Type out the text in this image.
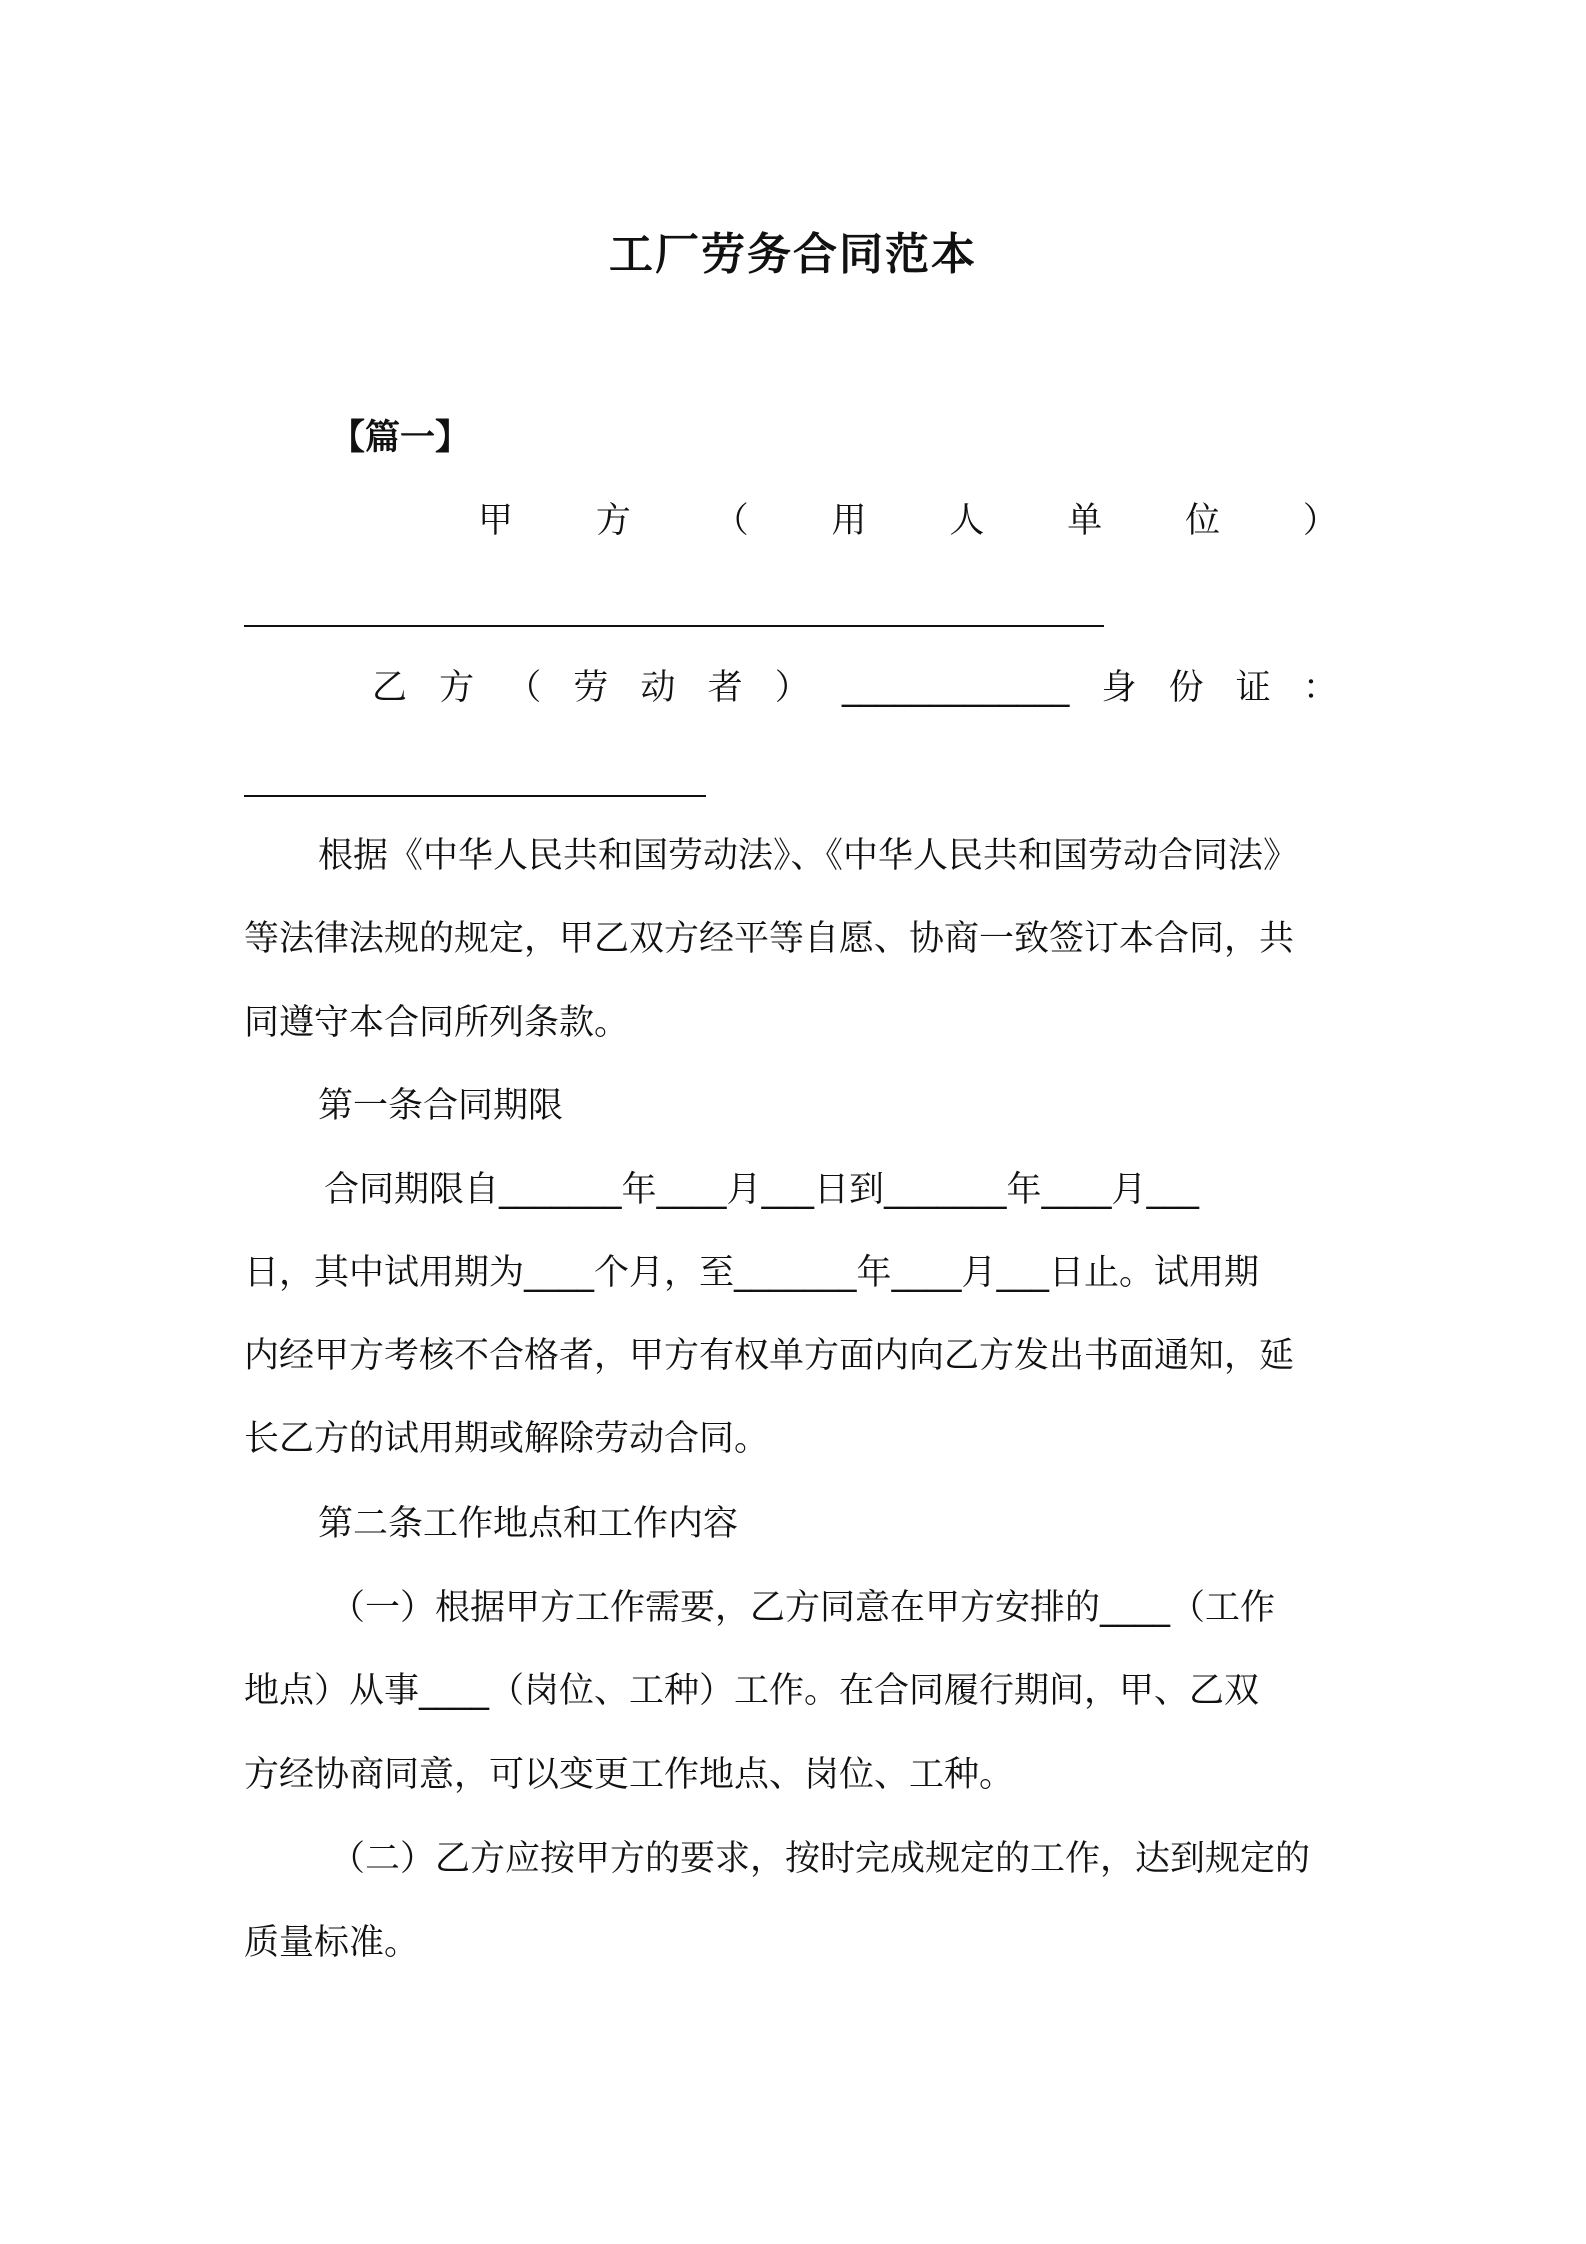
工厂劳务合同范本
【篇一】
甲 方 （ 用 人 单 位 ）
乙 方 （ 劳 动 者 ） _____________ 身 份 证 ：
根据《中华人民共和国劳动法》、《中华人民共和国劳动合同法》
等法律法规的规定，甲乙双方经平等自愿、协商一致签订本合同，共
同遵守本合同所列条款。
第一条合同期限
合同期限自_______年____月___日到_______年____月___
日，其中试用期为____个月，至_______年____月___日止。试用期
内经甲方考核不合格者，甲方有权单方面内向乙方发出书面通知，延
长乙方的试用期或解除劳动合同。
第二条工作地点和工作内容
（一）根据甲方工作需要，乙方同意在甲方安排的____（工作
地点）从事____（岗位、工种）工作。在合同履行期间，甲、乙双
方经协商同意，可以变更工作地点、岗位、工种。
（二）乙方应按甲方的要求，按时完成规定的工作，达到规定的
质量标准。
